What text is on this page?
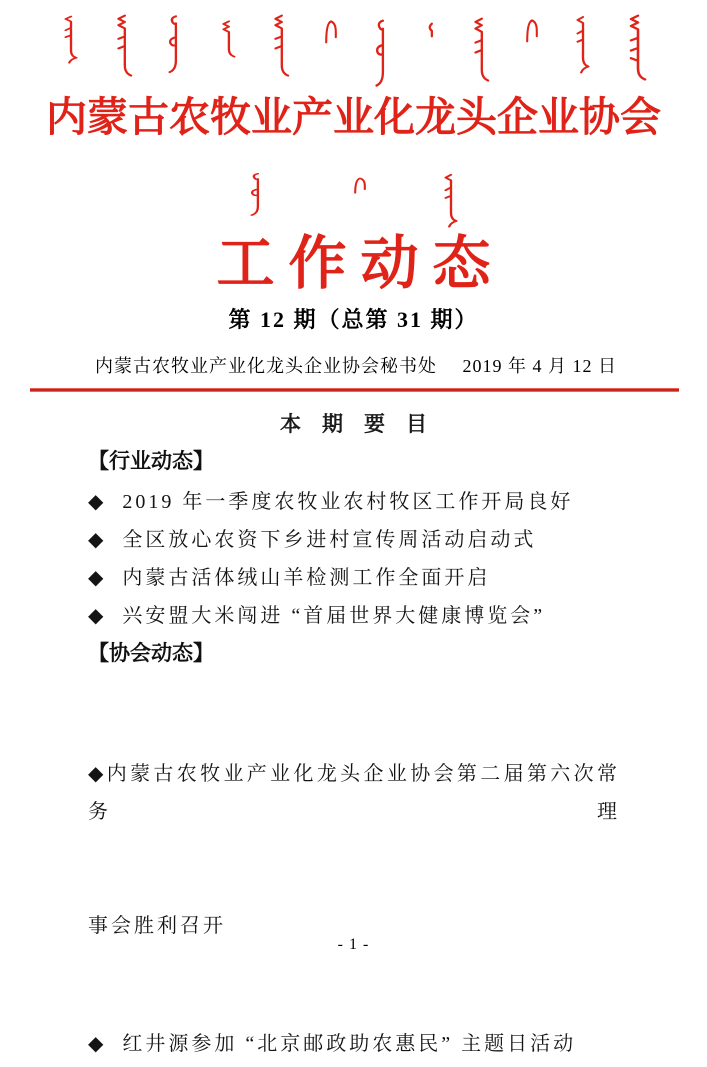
内蒙古农牧业产业化龙头企业协会
工作动态
第 12 期（总第 31 期）
内蒙古农牧业产业化龙头企业协会秘书处 2019 年 4 月 12 日
本　期　要　目
【行业动态】
◆  2019 年一季度农牧业农村牧区工作开局良好
◆  全区放心农资下乡进村宣传周活动启动式
◆  内蒙古活体绒山羊检测工作全面开启
◆  兴安盟大米闯进 “首届世界大健康博览会”
【协会动态】

◆内蒙古农牧业产业化龙头企业协会第二届第六次常务理

事会胜利召开

◆  红井源参加 “北京邮政助农惠民” 主题日活动
- 1 -
